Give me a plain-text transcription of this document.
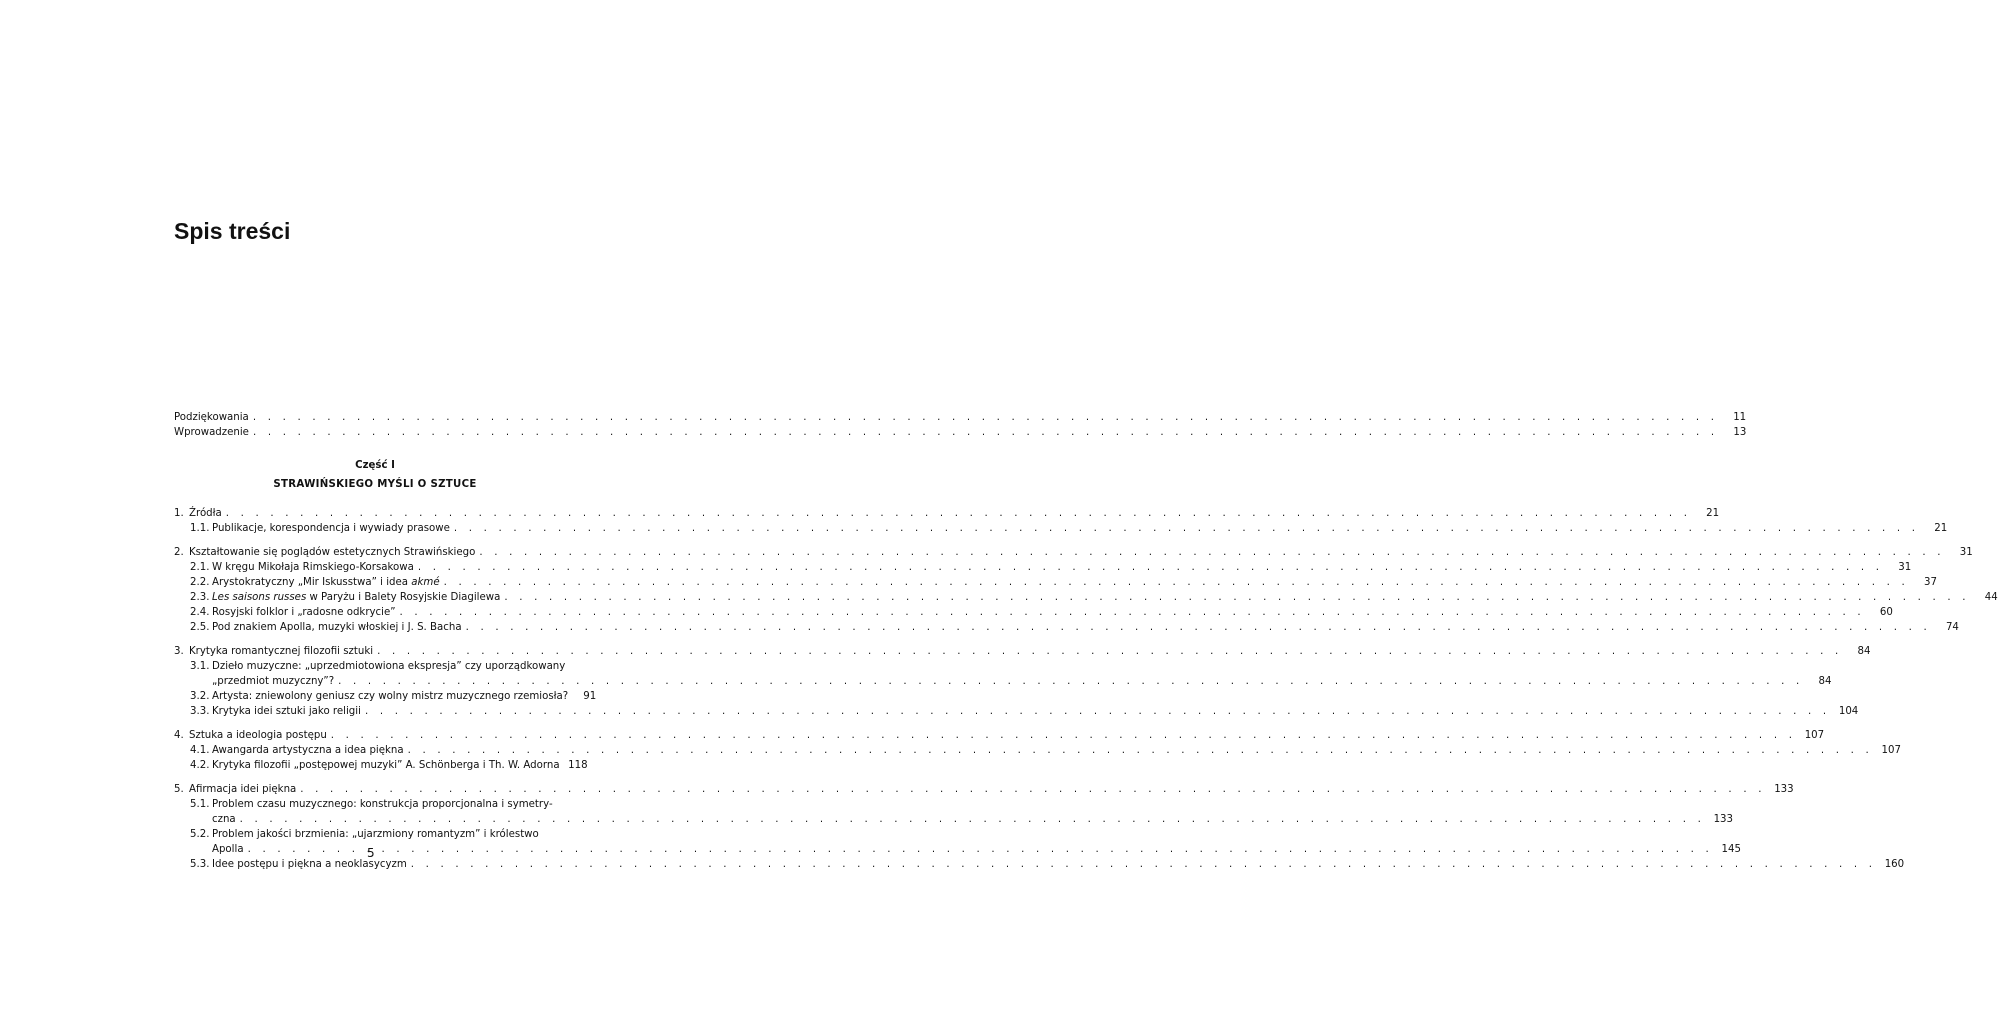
Spis treści
Podziękowania . . .	11
Wprowadzenie . . .	13
Część I
STRAWIŃSKIEGO MYŚLI O SZTUCE
1. Źródła . . .	21
1.1. Publikacje, korespondencja i wywiady prasowe . . .	21
2. Kształtowanie się poglądów estetycznych Strawińskiego . . .	31
2.1. W kręgu Mikołaja Rimskiego-Korsakowa . . .	31
2.2. Arystokratyczny „Mir Iskusstwa” i idea akmé . . .	37
2.3. Les saisons russes w Paryżu i Balety Rosyjskie Diagilewa . . .	44
2.4. Rosyjski folklor i „radosne odkrycie” . . .	60
2.5. Pod znakiem Apolla, muzyki włoskiej i J. S. Bacha . . .	74
3. Krytyka romantycznej filozofii sztuki . . .	84
3.1. Dzieło muzyczne: „uprzedmiotowiona ekspresja” czy uporządkowany
„przedmiot muzyczny”? . . .	84
3.2. Artysta: zniewolony geniusz czy wolny mistrz muzycznego rzemiosła?	91
3.3. Krytyka idei sztuki jako religii . . .	104
4. Sztuka a ideologia postępu . . .	107
4.1. Awangarda artystyczna a idea piękna . . .	107
4.2. Krytyka filozofii „postępowej muzyki” A. Schönberga i Th. W. Adorna 118
5. Afirmacja idei piękna . . .	133
5.1. Problem czasu muzycznego: konstrukcja proporcjonalna i symetry-
czna . . .	133
5.2. Problem jakości brzmienia: „ujarzmiony romantyzm” i królestwo
Apolla . . .	145
5.3. Idee postępu i piękna a neoklasycyzm . . .	160
5
